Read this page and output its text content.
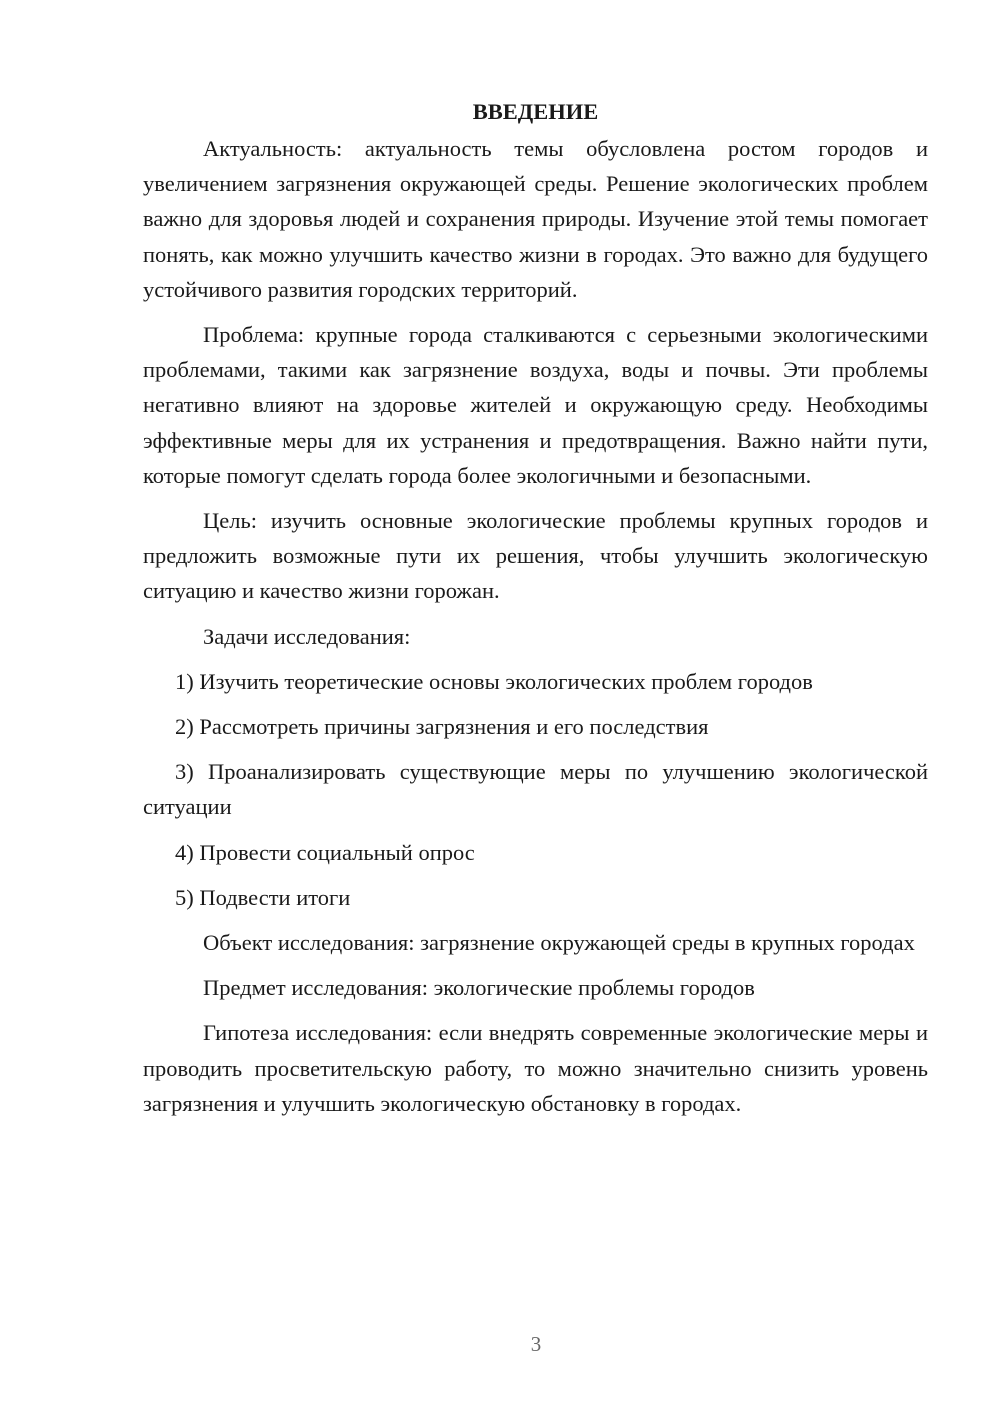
ВВЕДЕНИЕ

Актуальность: актуальность темы обусловлена ростом городов и увеличением загрязнения окружающей среды. Решение экологических проблем важно для здоровья людей и сохранения природы. Изучение этой темы помогает понять, как можно улучшить качество жизни в городах. Это важно для будущего устойчивого развития городских территорий.

Проблема: крупные города сталкиваются с серьезными экологическими проблемами, такими как загрязнение воздуха, воды и почвы. Эти проблемы негативно влияют на здоровье жителей и окружающую среду. Необходимы эффективные меры для их устранения и предотвращения. Важно найти пути, которые помогут сделать города более экологичными и безопасными.

Цель: изучить основные экологические проблемы крупных городов и предложить возможные пути их решения, чтобы улучшить экологическую ситуацию и качество жизни горожан.

Задачи исследования:

1) Изучить теоретические основы экологических проблем городов

2) Рассмотреть причины загрязнения и его последствия

3) Проанализировать существующие меры по улучшению экологической ситуации

4) Провести социальный опрос

5) Подвести итоги

Объект исследования: загрязнение окружающей среды в крупных городах

Предмет исследования: экологические проблемы городов

Гипотеза исследования: если внедрять современные экологические меры и проводить просветительскую работу, то можно значительно снизить уровень загрязнения и улучшить экологическую обстановку в городах.

3
